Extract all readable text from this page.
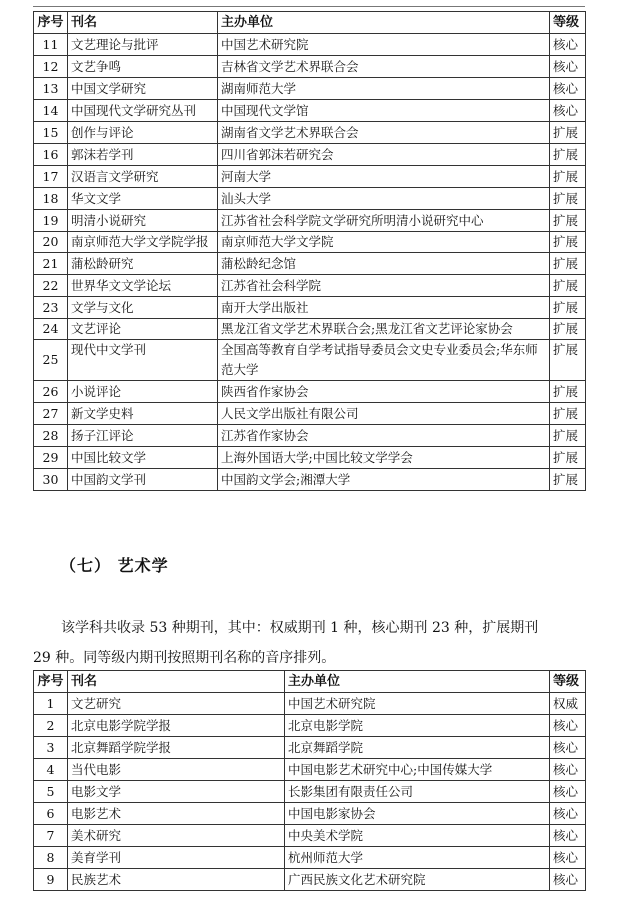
序号	刊名	主办单位	等级
11	文艺理论与批评	中国艺术研究院	核心
12	文艺争鸣	吉林省文学艺术界联合会	核心
13	中国文学研究	湖南师范大学	核心
14	中国现代文学研究丛刊	中国现代文学馆	核心
15	创作与评论	湖南省文学艺术界联合会	扩展
16	郭沫若学刊	四川省郭沫若研究会	扩展
17	汉语言文学研究	河南大学	扩展
18	华文文学	汕头大学	扩展
19	明清小说研究	江苏省社会科学院文学研究所明清小说研究中心	扩展
20	南京师范大学文学院学报	南京师范大学文学院	扩展
21	蒲松龄研究	蒲松龄纪念馆	扩展
22	世界华文文学论坛	江苏省社会科学院	扩展
23	文学与文化	南开大学出版社	扩展
24	文艺评论	黑龙江省文学艺术界联合会;黑龙江省文艺评论家协会	扩展
25	现代中文学刊	全国高等教育自学考试指导委员会文史专业委员会;华东师范大学	扩展
26	小说评论	陕西省作家协会	扩展
27	新文学史料	人民文学出版社有限公司	扩展
28	扬子江评论	江苏省作家协会	扩展
29	中国比较文学	上海外国语大学;中国比较文学学会	扩展
30	中国韵文学刊	中国韵文学会;湘潭大学	扩展
（七） 艺术学
该学科共收录 53 种期刊，其中：权威期刊 1 种，核心期刊 23 种，扩展期刊
29 种。同等级内期刊按照期刊名称的音序排列。
序号	刊名	主办单位	等级
1	文艺研究	中国艺术研究院	权威
2	北京电影学院学报	北京电影学院	核心
3	北京舞蹈学院学报	北京舞蹈学院	核心
4	当代电影	中国电影艺术研究中心;中国传媒大学	核心
5	电影文学	长影集团有限责任公司	核心
6	电影艺术	中国电影家协会	核心
7	美术研究	中央美术学院	核心
8	美育学刊	杭州师范大学	核心
9	民族艺术	广西民族文化艺术研究院	核心
